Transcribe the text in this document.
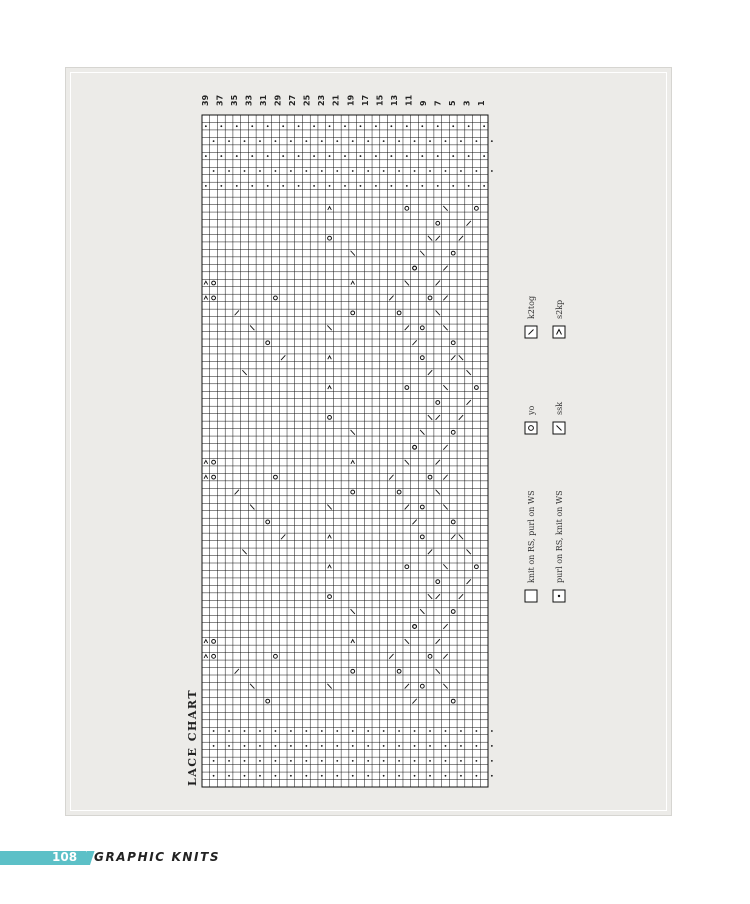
39 37 35 33 31 29 27 25 23 21 19 17 15 13 11 9 7 5 3 1
LACE CHART
knit on RS, purl on WS purl on RS, knit on WS
yo ssk
k2tog s2kp
108 GRAPHIC KNITS
